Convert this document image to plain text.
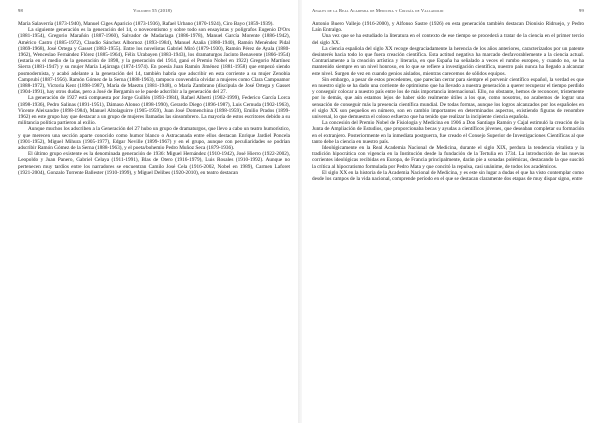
98	Volumen 55 (2018)

María Salaverría (1873-1940), Manuel Ciges Aparicio (1873-1936), Rafael Urbano (1870-1924), Ciro Bayo (1859-1939).

La siguiente generación es la generación del 14, o novecentismo y sobre todo son ensayistas y poligrafos Eugenio D'Ors (1881-1954), Gregorio Marañón (1887-1960), Salvador de Madariaga (1886-1978), Manuel García Morente (1886-1942), Américo Castro (1885-1972), Claudio Sánchez Albornoz (1893-1984), Manuel Azaña (1880-1940), Ramón Menéndez Pidal (1869-1968), José Ortega y Gasset (1883-1955). Entre los novelistas Gabriel Miró (1879-1930), Ramón Pérez de Ayala (1880-1962), Wenceslao Fernández Flórez (1885-1964), Félix Urabayen (1883-1943), los dramaturgos Jacinto Benavente (1866-1954) (estaría en el medio de la generación de 1898, y la generación del 1914, ganó el Premio Nobel en 1922) Gregorio Martínez Sierra (1881-1947) y su mujer María Lejárraga (1874-1974). En poesía Juan Ramón Jiménez (1881-1958) que empezó siendo posmodernista, y acabó adelante a la generación del 14, también habría que adscribir en esta corriente a su mujer Zenobia Camprubí (1887-1956). Ramón Gómez de la Serna (1888-1963), tampoco convendría olvidar a mujeres como Clara Campoamor (1888-1972), Victoria Kent (1898-1987), María de Maeztu (1881-1948), o María Zambrano (discípula de José Ortega y Gasset (1904-1991), hay otros dudas, pero a José de Bergamín se le puede adscribir a la generación del 27.

La generación de 1927 está compuesta por Jorge Guillén (1893-1984), Rafael Alberti (1902-1999), Federico García Lorca (1898-1936), Pedro Salinas (1891-1951), Dámaso Alonso (1898-1990), Gerardo Diego (1896-1987), Luis Cernuda (1902-1963), Vicente Aleixandre (1898-1984), Manuel Altolaguirre (1905-1959), Juan José Domenchina (1898-1959), Emilio Prados (1899-1962) en este grupo hay que destacar a un grupo de mujeres llamadas las sinsombrero. La mayoría de estos escritores debido a su militancia política partieron al exilio.

Aunque muchos los adscriben a la Generación del 27 hubo un grupo de dramaturgos, que llevo a cabo un teatro humorístico, y que merecen una sección aparte conocido como humor blanco o Astracanada entre ellos destacan Enrique Jardiel Poncela (1901-1952), Miguel Mihura (1905-1977), Edgar Neville (1899-1967) y en el grupo, aunque con peculiaridades se podrían adscribir Ramón Gómez de la Serna (1888-1963), y el poeta/bohemio Pedro Muñoz Seca (1879-1936).

El último grupo existente es la denominada generación de 1936: Miguel Hernández (1910-1942), José Hierro (1922-2002), Leopoldo y Juan Panero, Gabriel Celaya (1911-1991), Blas de Otero (1916-1979), Luis Rosales (1910-1992). Aunque no pertenecen muy tardíos entre los narradores se encuentran Camilo José Cela (1916-2002, Nobel en 1989), Carmen Laforet (1921-2004), Gonzalo Torrente Ballester (1910-1999), y Miguel Delibes (1920-2010), en teatro destacan

Anales de la Real Academia de Medicina y Cirugía de Valladolid	99

Antonio Buero Vallejo (1916-2000), y Alfonso Sastre (1926) en esta generación también destacan Dionisio Ridruejo, y Pedro Laín Entralgo.

Una vez que se ha estudiado la literatura en el contexto de ese tiempo se procederá a tratar de la ciencia en el primer tercio del siglo XX.

La ciencia española del siglo XX recoge desgraciadamente la herencia de los años anteriores, caracterizados por un patente desinterés hacia todo lo que fuera creación científica. Esta actitud negativa ha marcado desfavorablemente a la ciencia actual. Contrariamente a la creación artística y literaria, en que España ha señalado a veces el rumbo europeo, y cuando no, se ha mantenido siempre en un nivel honroso, en lo que se refiere a investigación científica, nuestro país nunca ha llegado a alcanzar este nivel. Surgen de vez en cuando genios aislados, mientras carecemos de sólidos equipos.

Sin embargo, a pesar de estos precedentes, que parecían cerrar para siempre el porvenir científico español, la verdad es que en nuestro siglo se ha dado una corriente de optimismo que ha llevado a nuestra generación a querer recuperar el tiempo perdido y conseguir colocar a nuestro país entre los de más importancia internacional. Ello, no obstante, hemos de reconocer, tristemente por lo demás, que aún estamos lejos de haber sido realmente útiles a los que, como nosotros, no acabemos de lograr una sensación de conseguir más la presencia científica mundial. De todas formas, aunque los logros alcanzados por los españoles en el siglo XX son pequeños en número, son en cambio importantes en determinados aspectos, existiendo figuras de renombre universal, lo que demuestra el coloso esfuerzo que ha tenido que realizar la incipiente ciencia española.

La concesión del Premio Nobel de Fisiología y Medicina en 1906 a Don Santiago Ramón y Cajal estimuló la creación de la Junta de Ampliación de Estudios, que proporcionaba becas y ayudas a científicos jóvenes, que deseaban completar su formación en el extranjero. Posteriormente en la inmediata postguerra, fue creado el Consejo Superior de Investigaciones Científicas al que tanto debe la ciencia en nuestro país.

Ideológicamente en la Real Academia Nacional de Medicina, durante el siglo XIX, perdura la tendencia vitalista y la tradición hipocrática con vigencia en la Institución desde la fundación de la Tertulia en 1734. La introducción de las nuevas corrientes ideológicas recibidas en Europa, de Francia principalmente, darán pie a sonadas polémicas, destacando la que suscitó la crítica al hipocratismo formulada por Pedro Mata y que concitó la repulsa, casi unánime, de todos los académicos.

El siglo XX en la historia de la Academia Nacional de Medicina, y es este sin lugar a dudas el que ha visto contemplar como desde los campos de la vida nacional, comprende período en el que se destacan claramente dos etapas de muy dispar signo, entre
